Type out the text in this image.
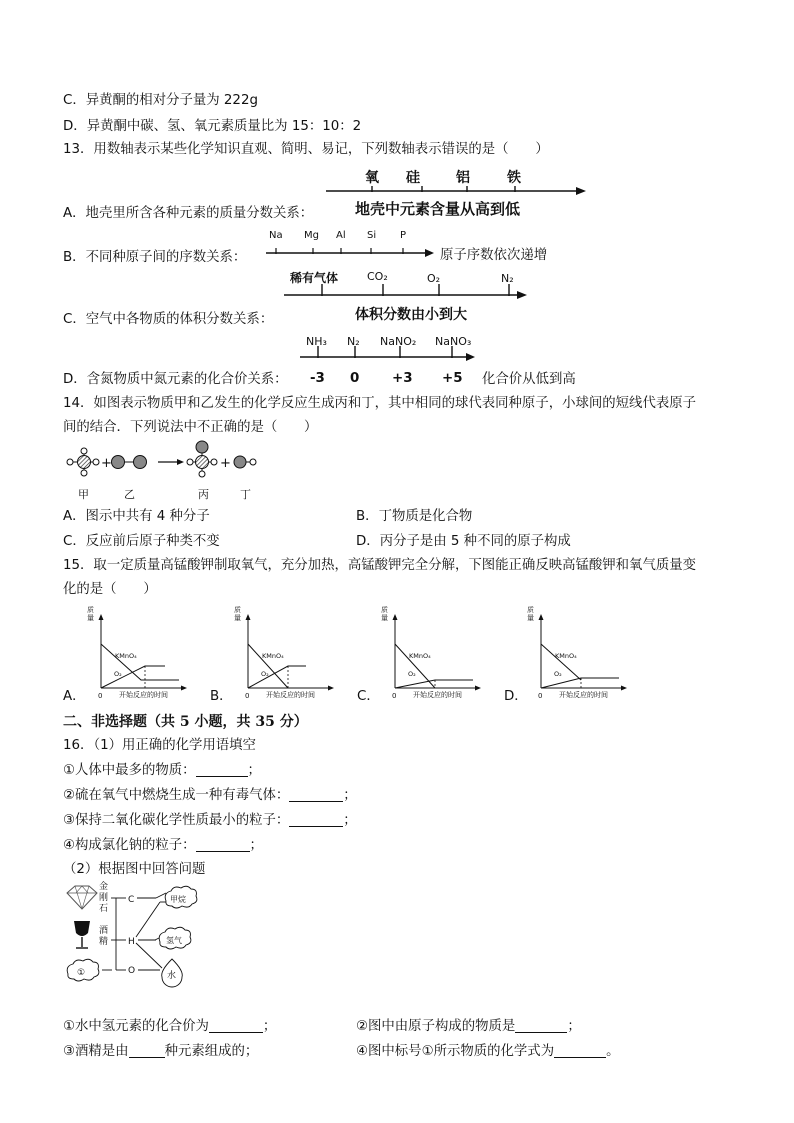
C．异黄酮的相对分子量为 222g
D．异黄酮中碳、氢、氧元素质量比为 15：10：2
13．用数轴表示某些化学知识直观、简明、易记，下列数轴表示错误的是（　　）
A．地壳里所含各种元素的质量分数关系：
氧 硅	铝	铁
地壳中元素含量从高到低
Na Mg Al Si P
原子序数依次递增
稀有气体	CO₂	O₂	N₂
NH₃ N₂ NaNO₂ NaNO₃
-3 0 +3 +5
B．不同种原子间的序数关系：
C．空气中各物质的体积分数关系：	体积分数由小到大
D．含氮物质中氮元素的化合价关系：	化合价从低到高
14．如图表示物质甲和乙发生的化学反应生成丙和丁，其中相同的球代表同种原子，小球间的短线代表原子
间的结合．下列说法中不正确的是（　　）
+	+
甲	乙	丙	丁
A．图示中共有 4 种分子	B．丁物质是化合物
C．反应前后原子种类不变	D．丙分子是由 5 种不同的原子构成
15．取一定质量高锰酸钾制取氧气，充分加热，高锰酸钾完全分解，下图能正确反映高锰酸钾和氧气质量变
化的是（　　）
质
量
0 开始反应的时间
KMnO₄
O₂
质
量
0 开始反应的时间
KMnO₄
O₂
质
量
0 开始反应的时间
KMnO₄
O₂
质
量
0 开始反应的时间
KMnO₄
O₂
A．	B．	C．	D．
二、非选择题（共 5 小题，共 35 分）
16．（1）用正确的化学用语填空
①人体中最多的物质：	；
②硫在氧气中燃烧生成一种有毒气体：	；
③保持二氧化碳化学性质最小的粒子：	；
④构成氯化钠的粒子：	；
（2）根据图中回答问题
金
刚
石
酒
精
C
H
O
甲烷
氢气
①	水
①水中氢元素的化合价为	；	②图中由原子构成的物质是	；
③酒精是由	种元素组成的；	④图中标号①所示物质的化学式为	。
